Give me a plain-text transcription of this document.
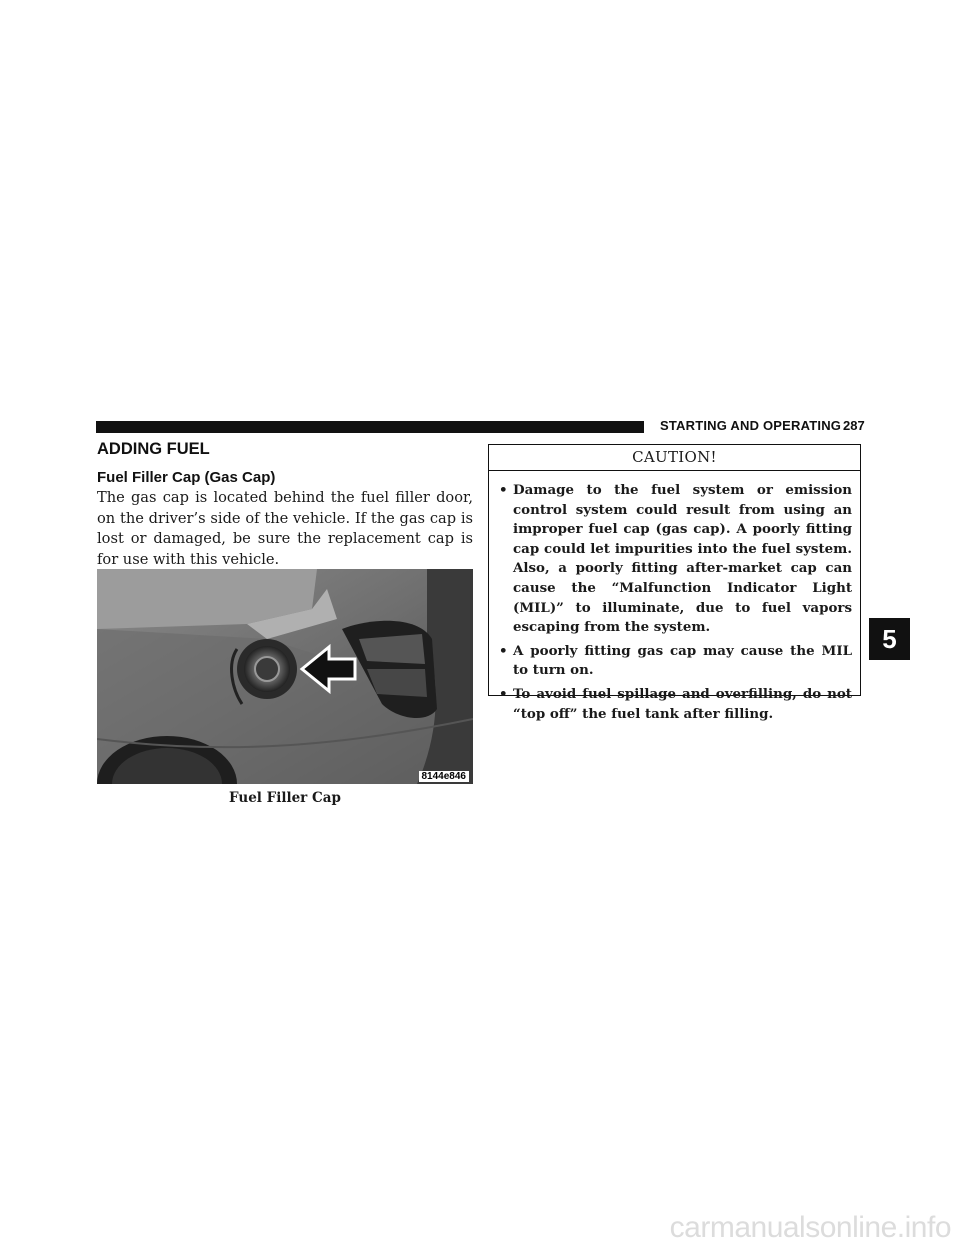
STARTING AND OPERATING 287
ADDING FUEL
Fuel Filler Cap (Gas Cap)
The gas cap is located behind the fuel filler door, on the driver’s side of the vehicle. If the gas cap is lost or damaged, be sure the replacement cap is for use with this vehicle.
8144e846
Fuel Filler Cap
CAUTION!
• Damage to the fuel system or emission control system could result from using an improper fuel cap (gas cap). A poorly fitting cap could let impurities into the fuel system. Also, a poorly fitting after-market cap can cause the “Malfunction Indicator Light (MIL)” to illuminate, due to fuel vapors escaping from the system.
• A poorly fitting gas cap may cause the MIL to turn on.
• To avoid fuel spillage and overfilling, do not “top off” the fuel tank after filling.
5
carmanualsonline.info
